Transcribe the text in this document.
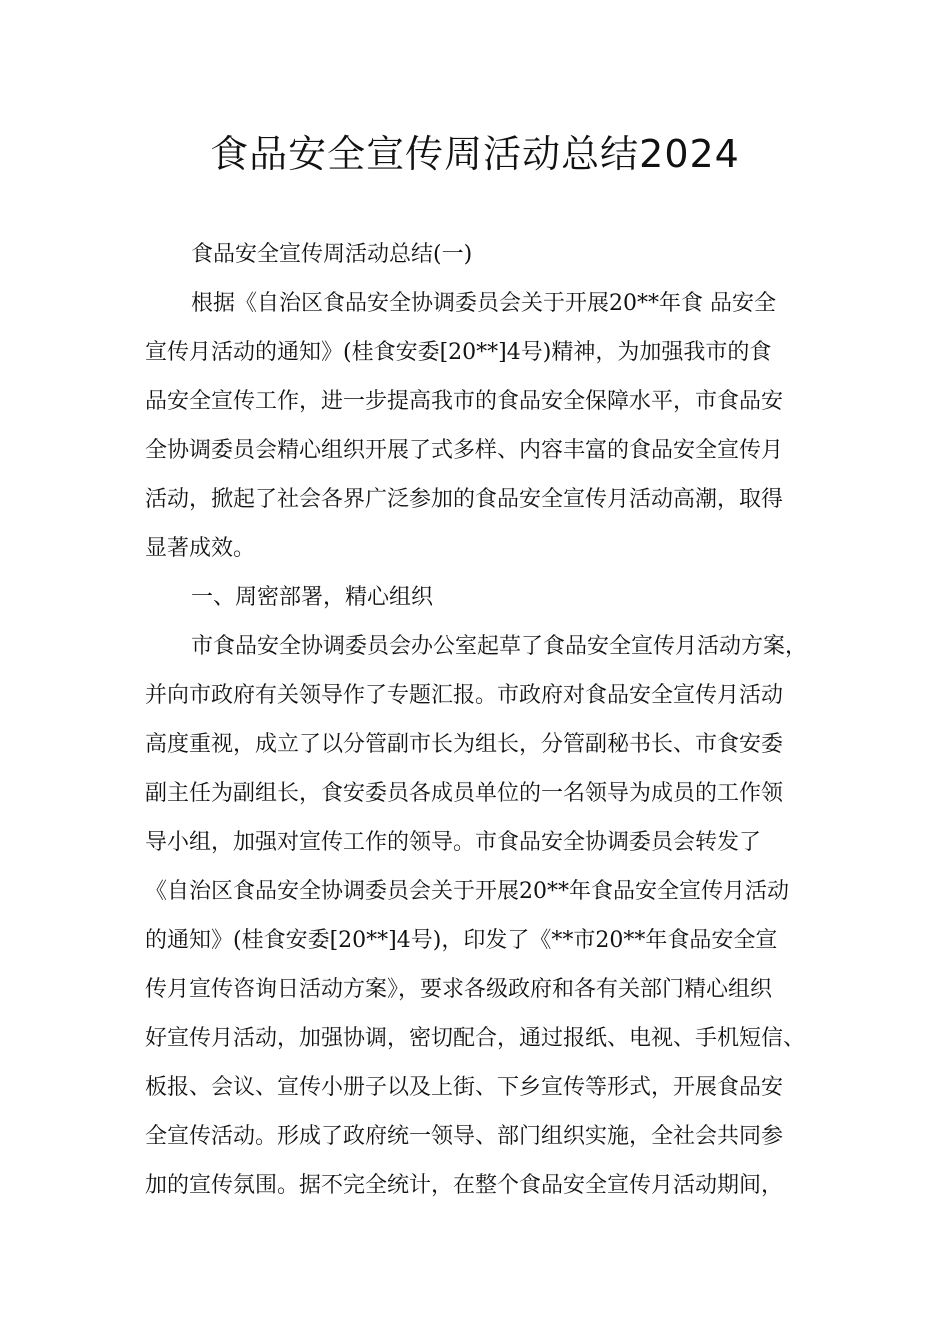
食品安全宣传周活动总结2024
食品安全宣传周活动总结(一)
根据《自治区食品安全协调委员会关于开展20**年食 品安全
宣传月活动的通知》(桂食安委[20**]4号)精神，为加强我市的食
品安全宣传工作，进一步提高我市的食品安全保障水平，市食品安
全协调委员会精心组织开展了式多样、内容丰富的食品安全宣传月
活动，掀起了社会各界广泛参加的食品安全宣传月活动高潮，取得
显著成效。
一、周密部署，精心组织
市食品安全协调委员会办公室起草了食品安全宣传月活动方案，
并向市政府有关领导作了专题汇报。市政府对食品安全宣传月活动
高度重视，成立了以分管副市长为组长，分管副秘书长、市食安委
副主任为副组长，食安委员各成员单位的一名领导为成员的工作领
导小组，加强对宣传工作的领导。市食品安全协调委员会转发了
《自治区食品安全协调委员会关于开展20**年食品安全宣传月活动
的通知》(桂食安委[20**]4号)，印发了《**市20**年食品安全宣
传月宣传咨询日活动方案》，要求各级政府和各有关部门精心组织
好宣传月活动，加强协调，密切配合，通过报纸、电视、手机短信、
板报、会议、宣传小册子以及上街、下乡宣传等形式，开展食品安
全宣传活动。形成了政府统一领导、部门组织实施，全社会共同参
加的宣传氛围。据不完全统计，在整个食品安全宣传月活动期间，
